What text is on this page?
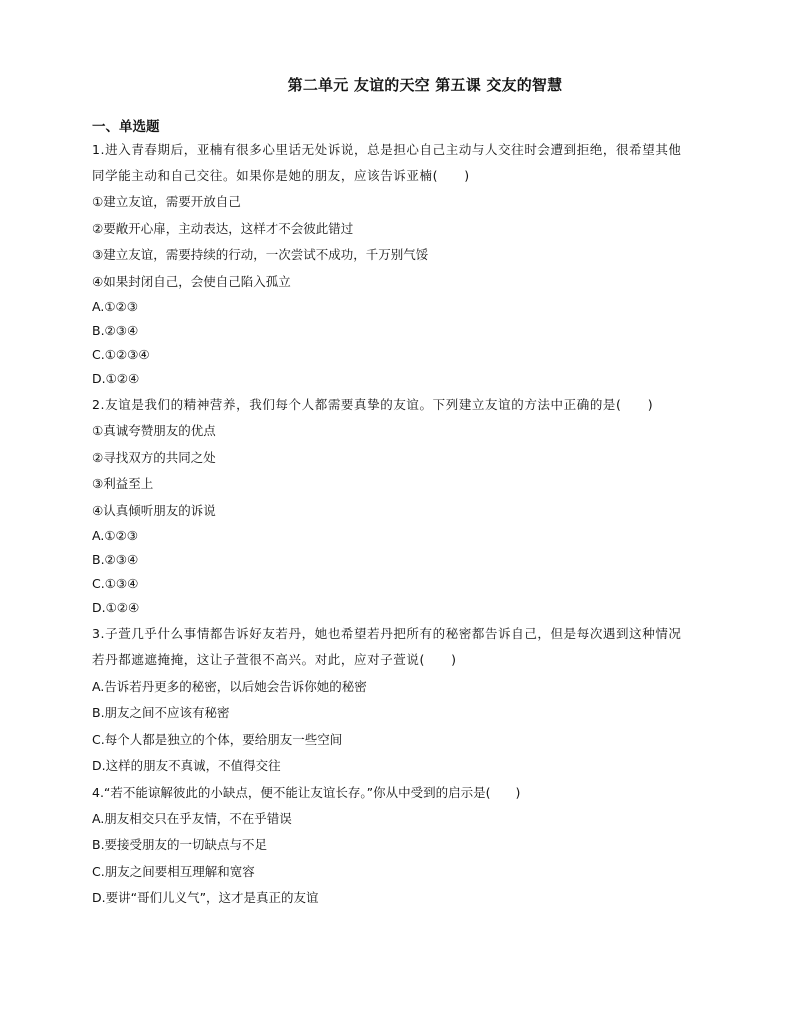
第二单元 友谊的天空 第五课 交友的智慧
一、单选题
1.进入青春期后，亚楠有很多心里话无处诉说，总是担心自己主动与人交往时会遭到拒绝，很希望其他
同学能主动和自己交往。如果你是她的朋友，应该告诉亚楠(　　)
①建立友谊，需要开放自己
②要敞开心扉，主动表达，这样才不会彼此错过
③建立友谊，需要持续的行动，一次尝试不成功，千万别气馁
④如果封闭自己，会使自己陷入孤立
A.①②③
B.②③④
C.①②③④
D.①②④
2.友谊是我们的精神营养，我们每个人都需要真挚的友谊。下列建立友谊的方法中正确的是(　　)
①真诚夸赞朋友的优点
②寻找双方的共同之处
③利益至上
④认真倾听朋友的诉说
A.①②③
B.②③④
C.①③④
D.①②④
3.子萱几乎什么事情都告诉好友若丹，她也希望若丹把所有的秘密都告诉自己，但是每次遇到这种情况
若丹都遮遮掩掩，这让子萱很不高兴。对此，应对子萱说(　　)
A.告诉若丹更多的秘密，以后她会告诉你她的秘密
B.朋友之间不应该有秘密
C.每个人都是独立的个体，要给朋友一些空间
D.这样的朋友不真诚，不值得交往
4.“若不能谅解彼此的小缺点，便不能让友谊长存。”你从中受到的启示是(　　)
A.朋友相交只在乎友情，不在乎错误
B.要接受朋友的一切缺点与不足
C.朋友之间要相互理解和宽容
D.要讲“哥们儿义气”，这才是真正的友谊
